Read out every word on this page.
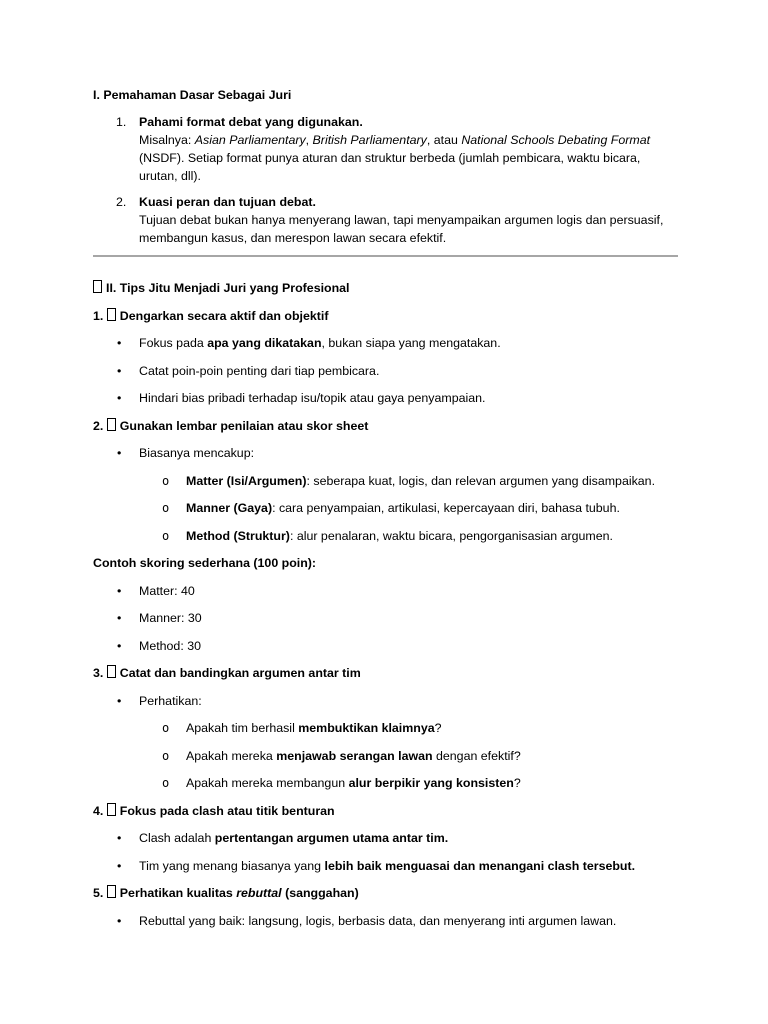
I. Pemahaman Dasar Sebagai Juri

1. Pahami format debat yang digunakan.
Misalnya: Asian Parliamentary, British Parliamentary, atau National Schools Debating Format (NSDF). Setiap format punya aturan dan struktur berbeda (jumlah pembicara, waktu bicara, urutan, dll).
2. Kuasi peran dan tujuan debat.
Tujuan debat bukan hanya menyerang lawan, tapi menyampaikan argumen logis dan persuasif, membangun kasus, dan merespon lawan secara efektif.

II. Tips Jitu Menjadi Juri yang Profesional

1. Dengarkan secara aktif dan objektif

• Fokus pada apa yang dikatakan, bukan siapa yang mengatakan.
• Catat poin-poin penting dari tiap pembicara.
• Hindari bias pribadi terhadap isu/topik atau gaya penyampaian.

2. Gunakan lembar penilaian atau skor sheet

• Biasanya mencakup:
o Matter (Isi/Argumen): seberapa kuat, logis, dan relevan argumen yang disampaikan.
o Manner (Gaya): cara penyampaian, artikulasi, kepercayaan diri, bahasa tubuh.
o Method (Struktur): alur penalaran, waktu bicara, pengorganisasian argumen.

Contoh skoring sederhana (100 poin):

• Matter: 40
• Manner: 30
• Method: 30

3. Catat dan bandingkan argumen antar tim

• Perhatikan:
o Apakah tim berhasil membuktikan klaimnya?
o Apakah mereka menjawab serangan lawan dengan efektif?
o Apakah mereka membangun alur berpikir yang konsisten?

4. Fokus pada clash atau titik benturan

• Clash adalah pertentangan argumen utama antar tim.
• Tim yang menang biasanya yang lebih baik menguasai dan menangani clash tersebut.

5. Perhatikan kualitas rebuttal (sanggahan)

• Rebuttal yang baik: langsung, logis, berbasis data, dan menyerang inti argumen lawan.
